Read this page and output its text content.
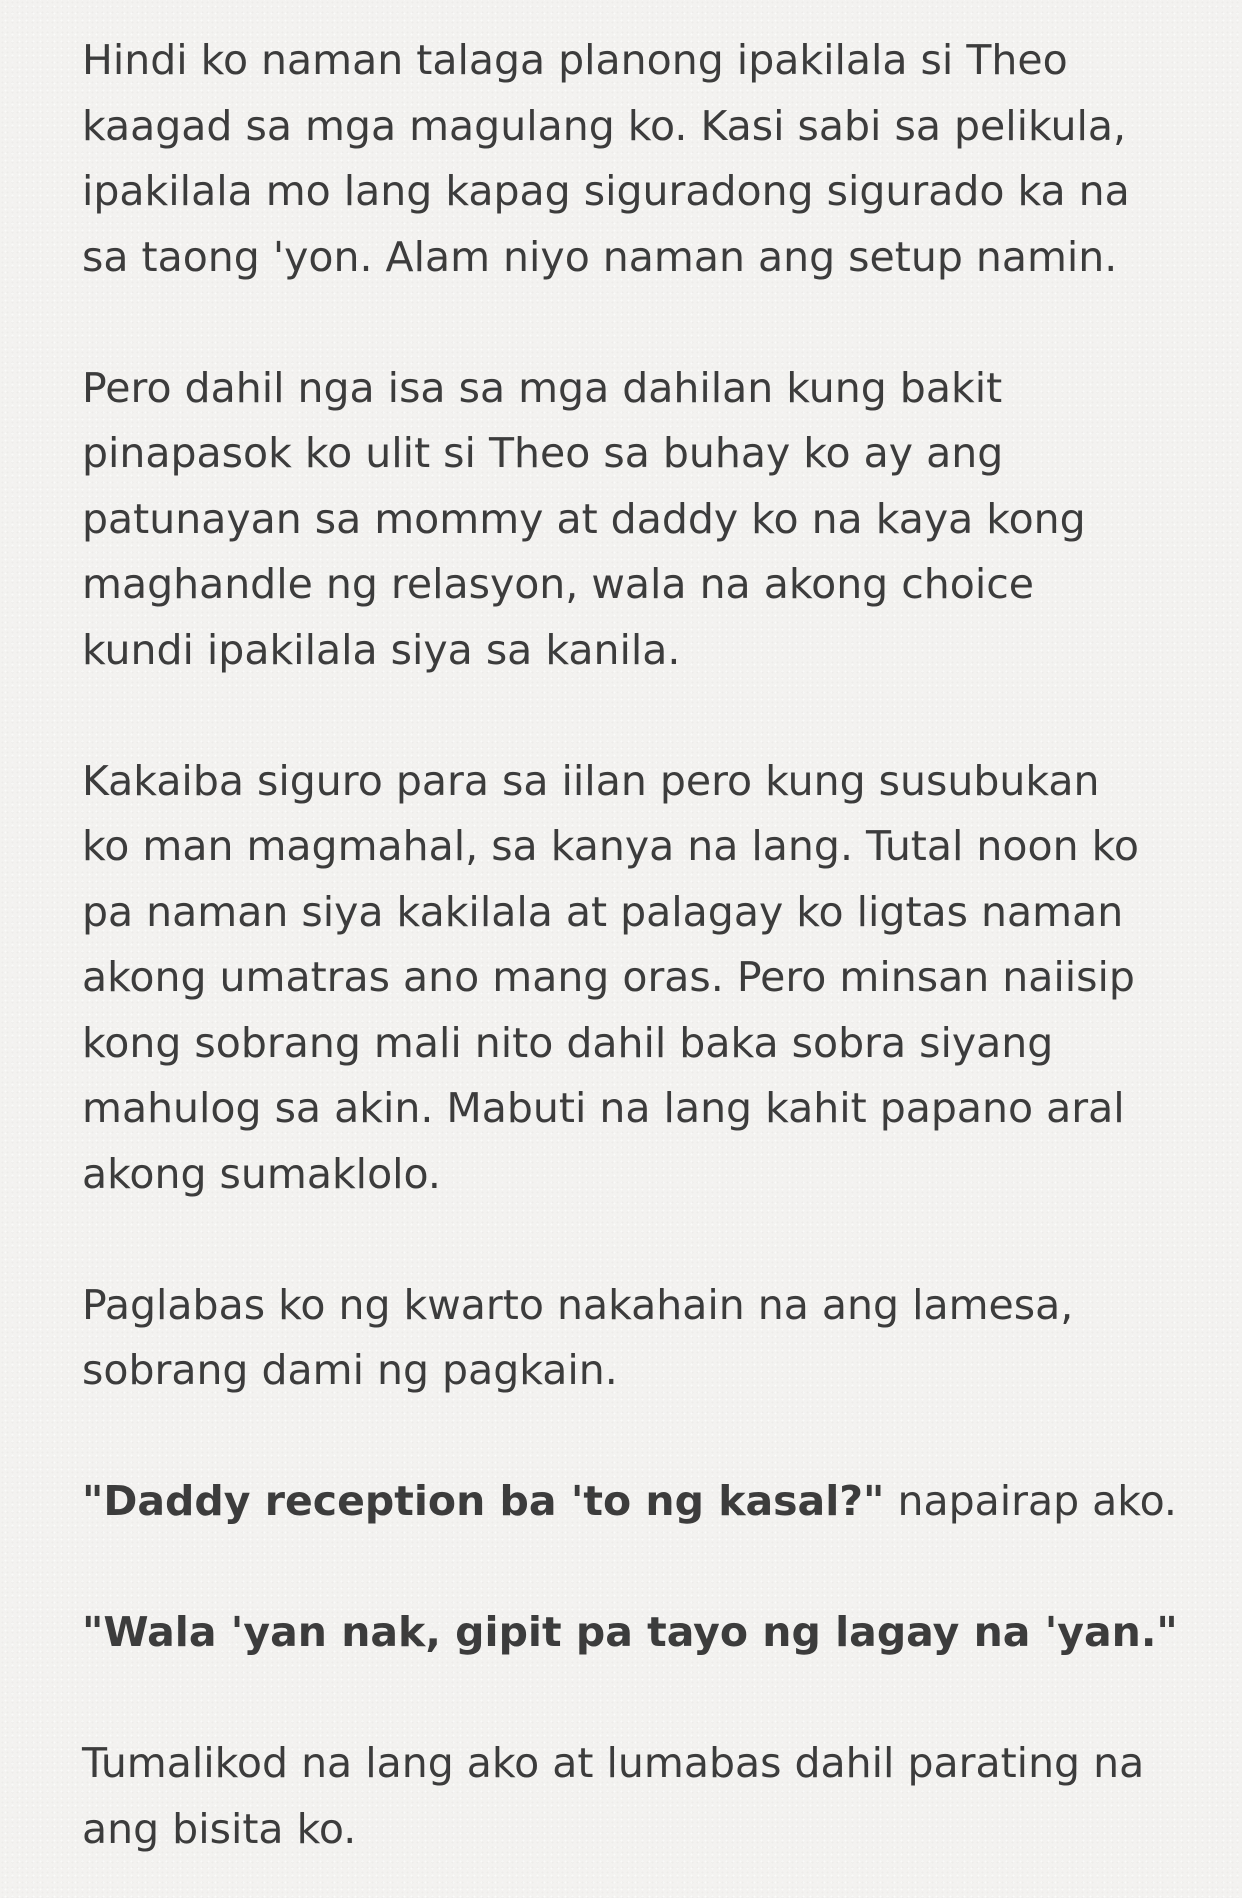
Hindi ko naman talaga planong ipakilala si Theo
kaagad sa mga magulang ko. Kasi sabi sa pelikula,
ipakilala mo lang kapag siguradong sigurado ka na
sa taong 'yon. Alam niyo naman ang setup namin.

Pero dahil nga isa sa mga dahilan kung bakit
pinapasok ko ulit si Theo sa buhay ko ay ang
patunayan sa mommy at daddy ko na kaya kong
maghandle ng relasyon, wala na akong choice
kundi ipakilala siya sa kanila.

Kakaiba siguro para sa iilan pero kung susubukan
ko man magmahal, sa kanya na lang. Tutal noon ko
pa naman siya kakilala at palagay ko ligtas naman
akong umatras ano mang oras. Pero minsan naiisip
kong sobrang mali nito dahil baka sobra siyang
mahulog sa akin. Mabuti na lang kahit papano aral
akong sumaklolo.

Paglabas ko ng kwarto nakahain na ang lamesa,
sobrang dami ng pagkain.

"Daddy reception ba 'to ng kasal?" napairap ako.

"Wala 'yan nak, gipit pa tayo ng lagay na 'yan."

Tumalikod na lang ako at lumabas dahil parating na
ang bisita ko.
